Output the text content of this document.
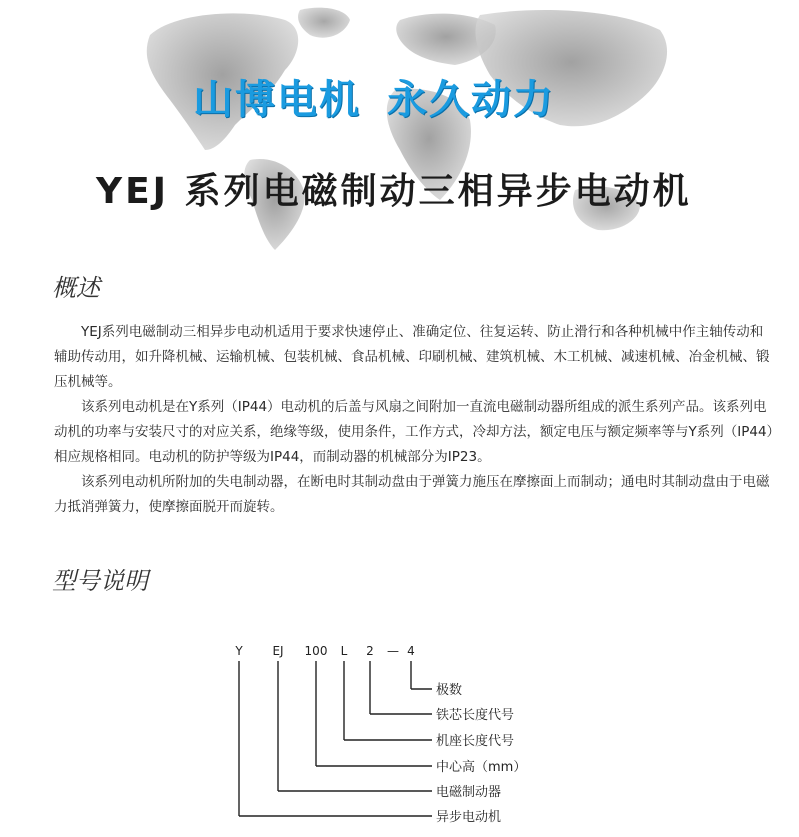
山博电机 永久动力
YEJ 系列电磁制动三相异步电动机
概述

YEJ系列电磁制动三相异步电动机适用于要求快速停止、准确定位、往复运转、防止滑行和各种机械中作主轴传动和辅助传动用，如升降机械、运输机械、包装机械、食品机械、印刷机械、建筑机械、木工机械、减速机械、冶金机械、锻压机械等。

该系列电动机是在Y系列（IP44）电动机的后盖与风扇之间附加一直流电磁制动器所组成的派生系列产品。该系列电动机的功率与安装尺寸的对应关系，绝缘等级，使用条件，工作方式，冷却方法，额定电压与额定频率等与Y系列（IP44）相应规格相同。电动机的防护等级为IP44，而制动器的机械部分为IP23。

该系列电动机所附加的失电制动器，在断电时其制动盘由于弹簧力施压在摩擦面上而制动；通电时其制动盘由于电磁力抵消弹簧力，使摩擦面脱开而旋转。

型号说明
Y EJ 100 L 2 — 4
极数
铁芯长度代号
机座长度代号
中心高（mm）
电磁制动器
异步电动机
